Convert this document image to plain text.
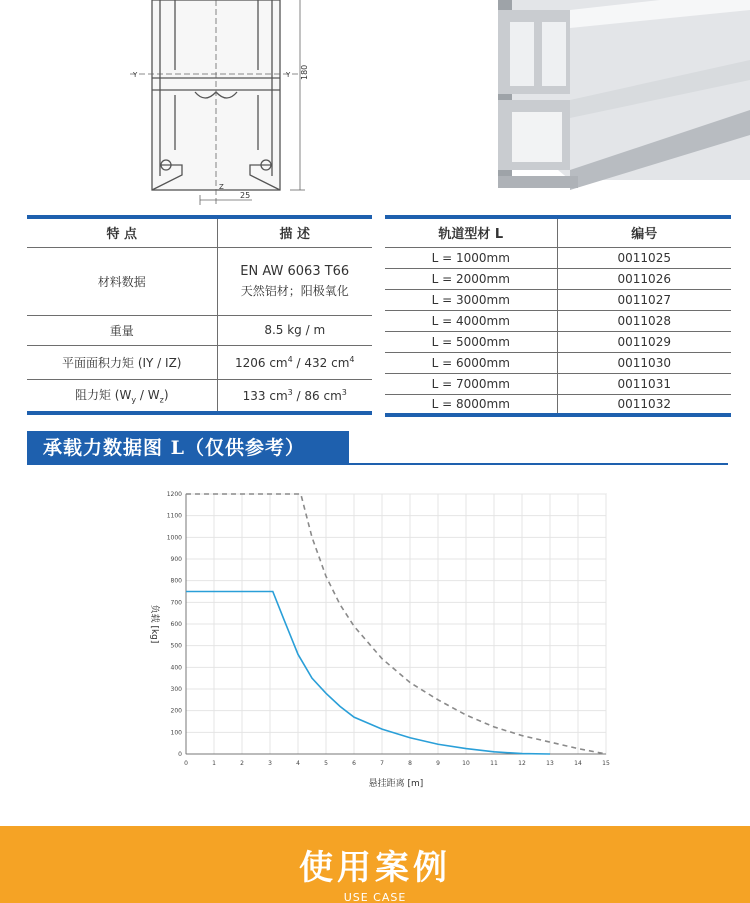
Y	Y 180
Z
25
特 点	描 述
材料数据	EN AW 6063 T66
天然铝材；阳极氧化

重量	8.5 kg / m
平面面积力矩 (IY / IZ)	1206 $cm^4 / 432$ $cm^4$
阻力矩 $(W_y / W_z)$	133 $cm^3 / 86$ $cm^3$
轨道型材 L	编号
L = 1000mm	0011025
L = 2000mm	0011026
L = 3000mm	0011027
L = 4000mm	0011028
L = 5000mm	0011029
L = 6000mm	0011030
L = 7000mm	0011031
L = 8000mm	0011032
承载力数据图 L（仅供参考）
0	1	2	3	4	5	6	7	8	9	10	11	12	13	14	15
0
100
200
300
400
500
600
700
800
900
1000
1100
1200
悬挂距离 [m]
负载 [kg]
使用案例
USE CASE
